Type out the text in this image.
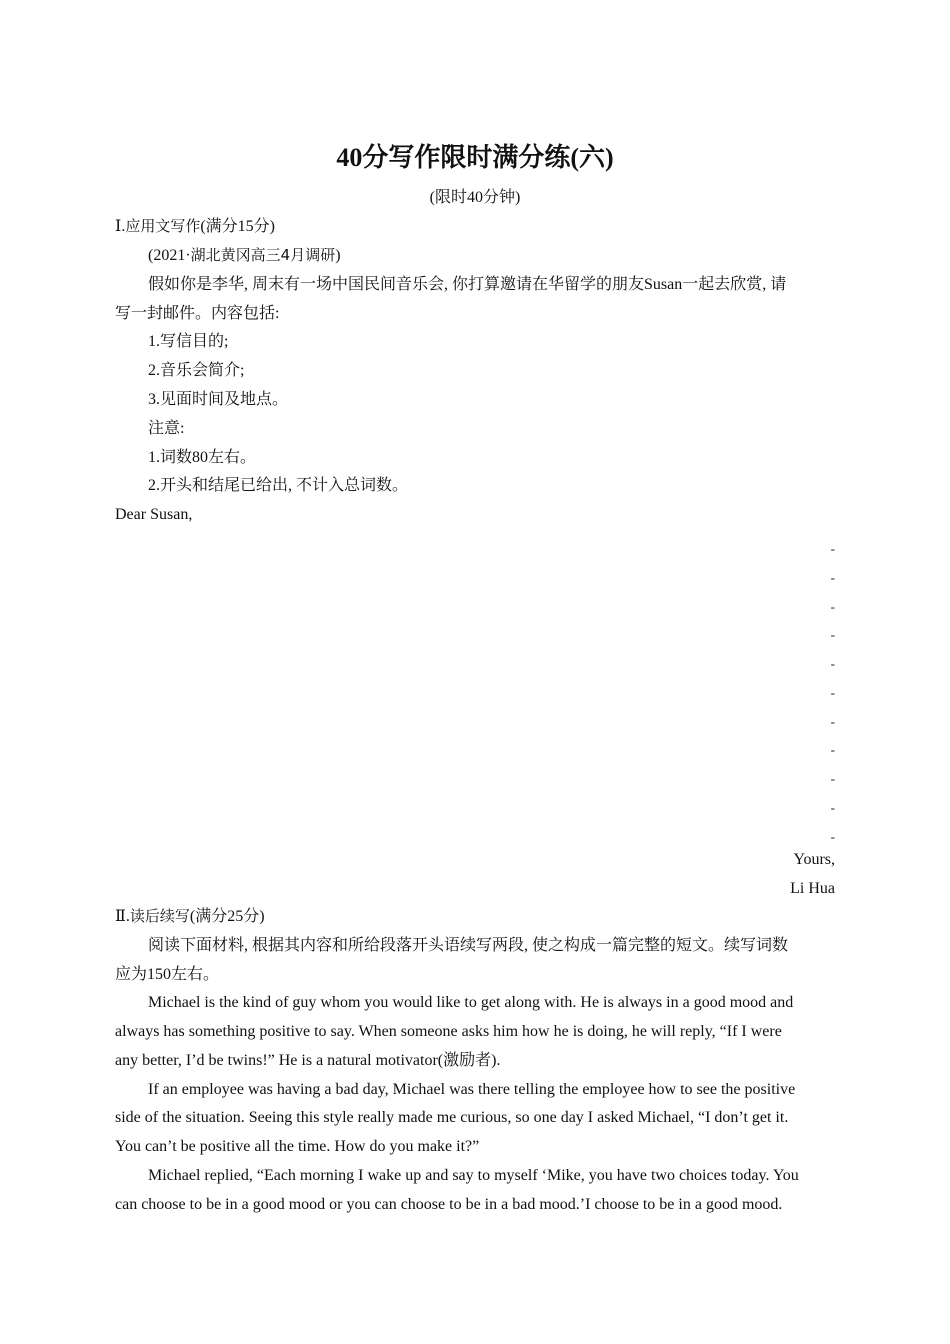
40分写作限时满分练(六)
(限时40分钟)
Ⅰ.应用文写作(满分15分)
(2021·湖北黄冈高三4月调研)
假如你是李华, 周末有一场中国民间音乐会, 你打算邀请在华留学的朋友Susan一起去欣赏, 请
写一封邮件。内容包括:
1.写信目的;
2.音乐会简介;
3.见面时间及地点。
注意:
1.词数80左右。
2.开头和结尾已给出, 不计入总词数。
Dear Susan,
-
-
-
-
-
-
-
-
-
-
-
Yours,
Li Hua
Ⅱ.读后续写(满分25分)
阅读下面材料, 根据其内容和所给段落开头语续写两段, 使之构成一篇完整的短文。续写词数
应为150左右。
Michael is the kind of guy whom you would like to get along with. He is always in a good mood and
always has something positive to say. When someone asks him how he is doing, he will reply, “If I were
any better, I’d be twins!” He is a natural motivator(激励者).
If an employee was having a bad day, Michael was there telling the employee how to see the positive
side of the situation. Seeing this style really made me curious, so one day I asked Michael, “I don’t get it.
You can’t be positive all the time. How do you make it?”
Michael replied, “Each morning I wake up and say to myself ‘Mike, you have two choices today. You
can choose to be in a good mood or you can choose to be in a bad mood.’I choose to be in a good mood.
